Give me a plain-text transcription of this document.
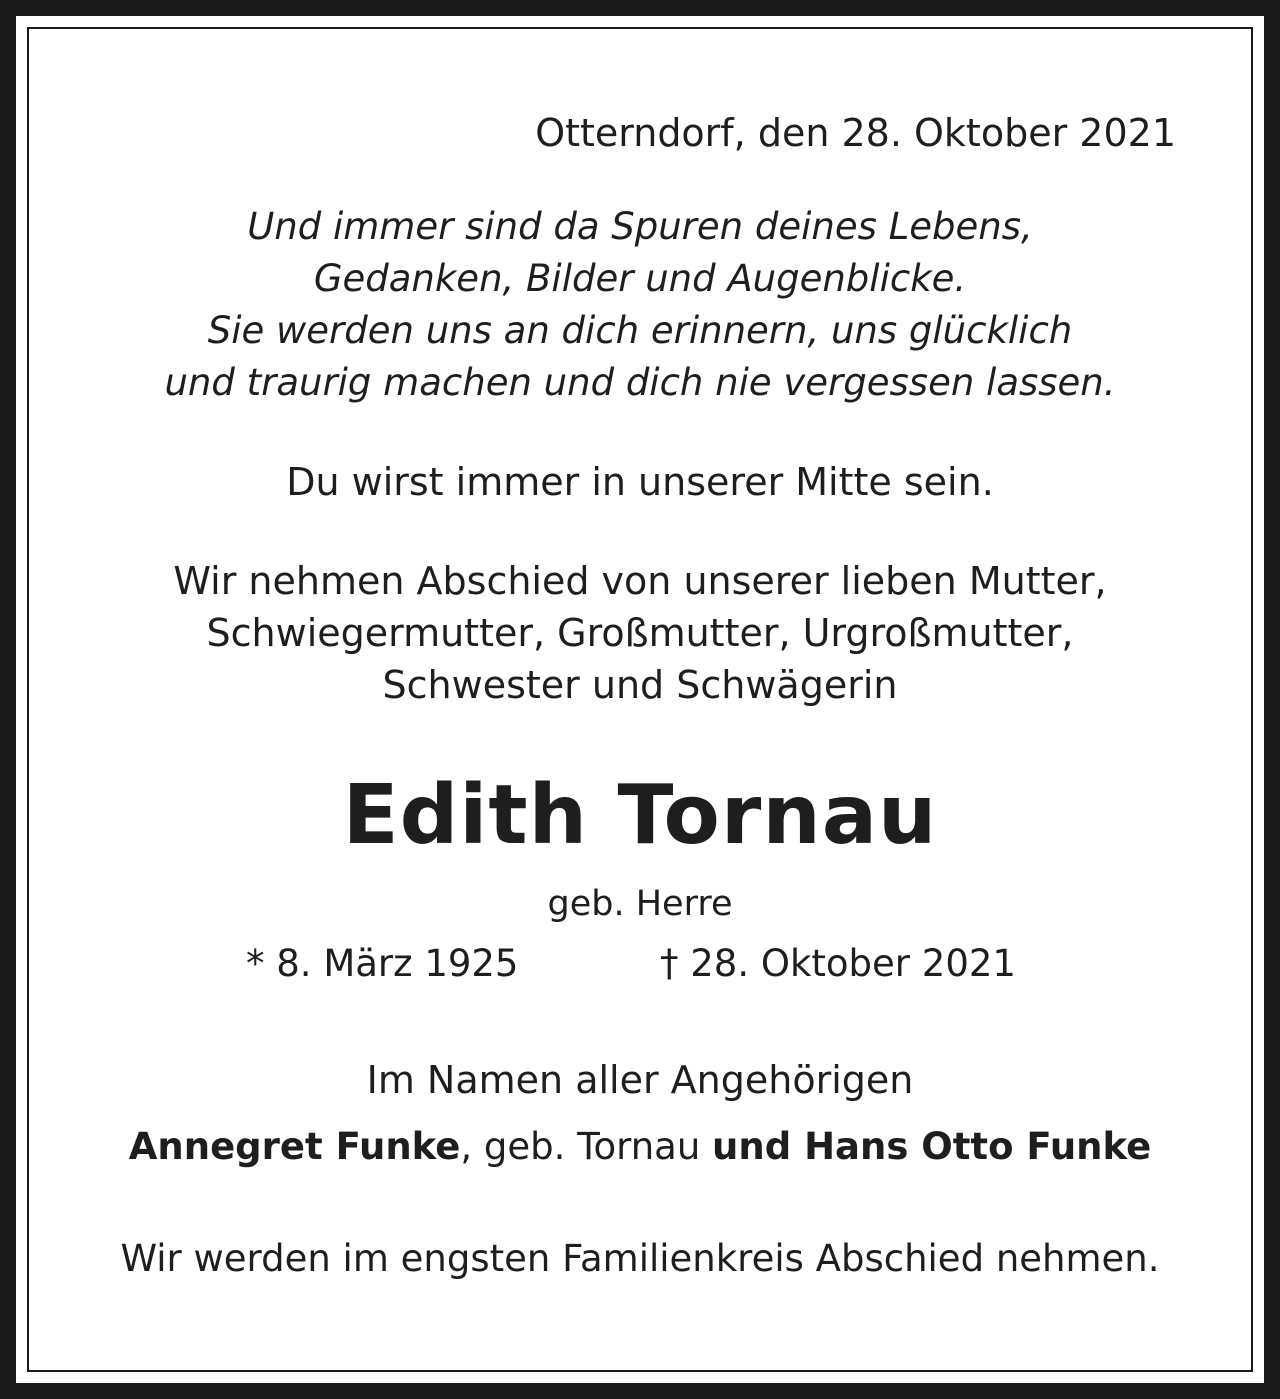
Otterndorf, den 28. Oktober 2021
Und immer sind da Spuren deines Lebens,
Gedanken, Bilder und Augenblicke.
Sie werden uns an dich erinnern, uns glücklich
und traurig machen und dich nie vergessen lassen.
Du wirst immer in unserer Mitte sein.
Wir nehmen Abschied von unserer lieben Mutter,
Schwiegermutter, Großmutter, Urgroßmutter,
Schwester und Schwägerin
Edith Tornau
geb. Herre
* 8. März 1925	† 28. Oktober 2021
Im Namen aller Angehörigen
Annegret Funke, geb. Tornau und Hans Otto Funke
Wir werden im engsten Familienkreis Abschied nehmen.
